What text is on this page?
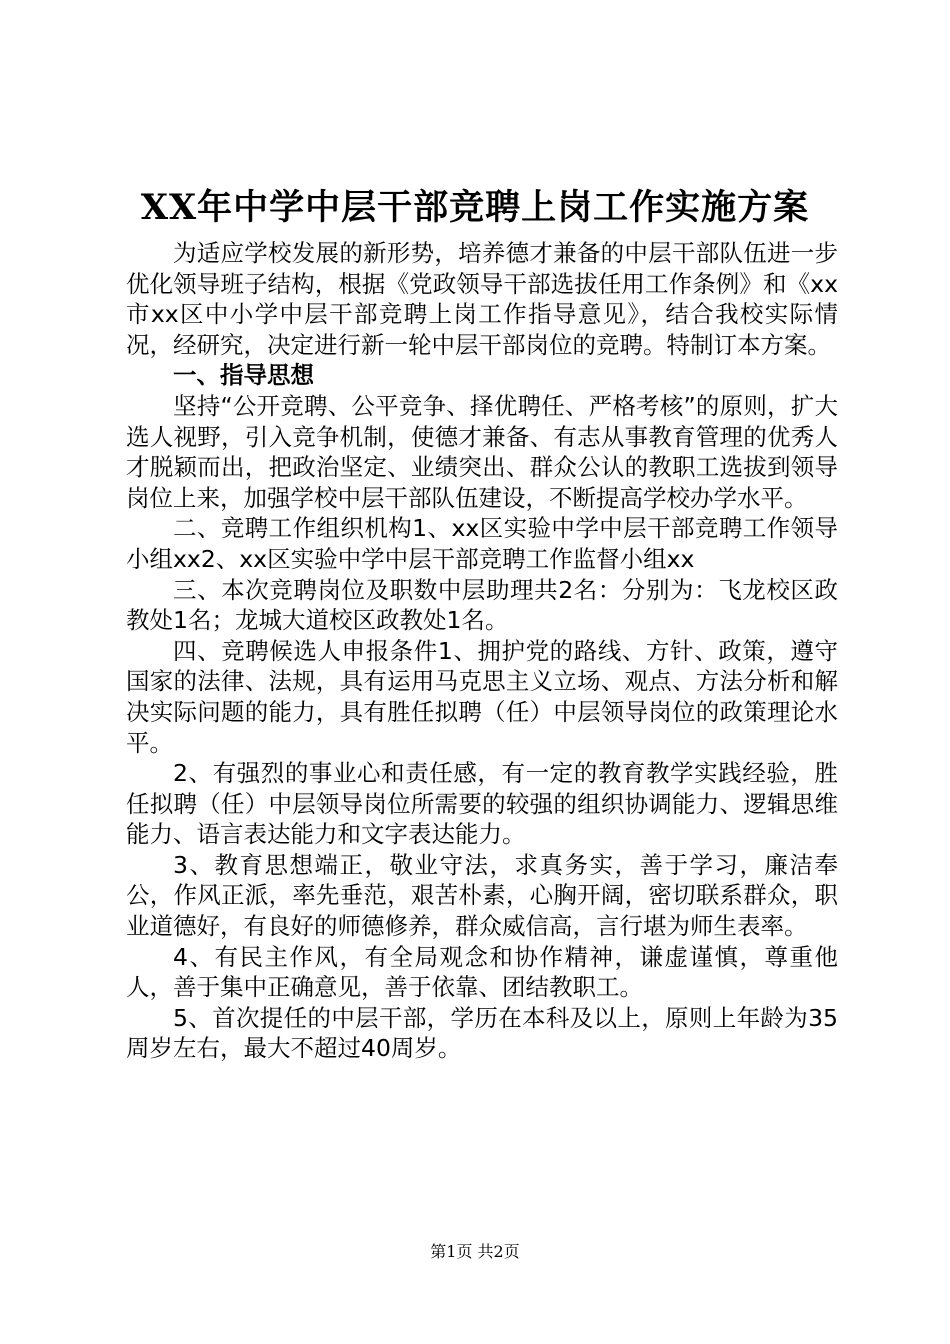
XX年中学中层干部竞聘上岗工作实施方案

为适应学校发展的新形势，培养德才兼备的中层干部队伍进一步优化领导班子结构，根据《党政领导干部选拔任用工作条例》和《xx市xx区中小学中层干部竞聘上岗工作指导意见》，结合我校实际情况，经研究，决定进行新一轮中层干部岗位的竞聘。特制订本方案。

一、指导思想

坚持“公开竞聘、公平竞争、择优聘任、严格考核”的原则，扩大选人视野，引入竞争机制，使德才兼备、有志从事教育管理的优秀人才脱颖而出，把政治坚定、业绩突出、群众公认的教职工选拔到领导岗位上来，加强学校中层干部队伍建设，不断提高学校办学水平。

二、竞聘工作组织机构1、xx区实验中学中层干部竞聘工作领导小组xx2、xx区实验中学中层干部竞聘工作监督小组xx

三、本次竞聘岗位及职数中层助理共2名：分别为：飞龙校区政教处1名；龙城大道校区政教处1名。

四、竞聘候选人申报条件1、拥护党的路线、方针、政策，遵守国家的法律、法规，具有运用马克思主义立场、观点、方法分析和解决实际问题的能力，具有胜任拟聘（任）中层领导岗位的政策理论水平。

2、有强烈的事业心和责任感，有一定的教育教学实践经验，胜任拟聘（任）中层领导岗位所需要的较强的组织协调能力、逻辑思维能力、语言表达能力和文字表达能力。

3、教育思想端正，敬业守法，求真务实，善于学习，廉洁奉公，作风正派，率先垂范，艰苦朴素，心胸开阔，密切联系群众，职业道德好，有良好的师德修养，群众威信高，言行堪为师生表率。

4、有民主作风，有全局观念和协作精神，谦虚谨慎，尊重他人，善于集中正确意见，善于依靠、团结教职工。

5、首次提任的中层干部，学历在本科及以上，原则上年龄为35周岁左右，最大不超过40周岁。

第1页 共2页
